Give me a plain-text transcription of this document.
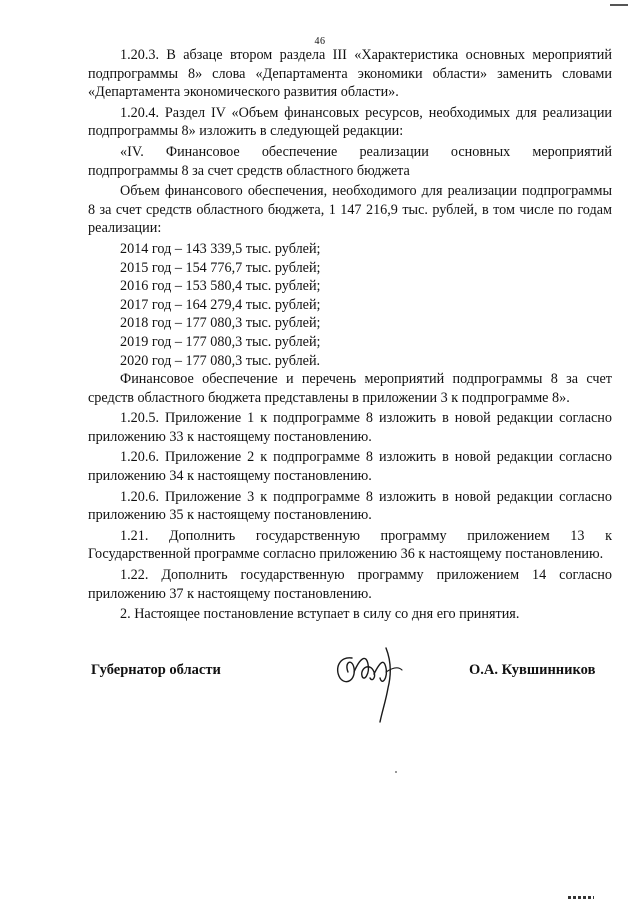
46

1.20.3. В абзаце втором раздела III «Характеристика основных мероприятий подпрограммы 8» слова «Департамента экономики области» заменить словами «Департамента экономического развития области».

1.20.4. Раздел IV «Объем финансовых ресурсов, необходимых для реализации подпрограммы 8» изложить в следующей редакции:

«IV. Финансовое обеспечение реализации основных мероприятий подпрограммы 8 за счет средств областного бюджета

Объем финансового обеспечения, необходимого для реализации подпрограммы 8 за счет средств областного бюджета, 1 147 216,9 тыс. рублей, в том числе по годам реализации:

2014 год – 143 339,5 тыс. рублей;

2015 год – 154 776,7 тыс. рублей;

2016 год – 153 580,4 тыс. рублей;

2017 год – 164 279,4 тыс. рублей;

2018 год – 177 080,3 тыс. рублей;

2019 год – 177 080,3 тыс. рублей;

2020 год – 177 080,3 тыс. рублей.

Финансовое обеспечение и перечень мероприятий подпрограммы 8 за счет средств областного бюджета представлены в приложении 3 к подпрограмме 8».

1.20.5. Приложение 1 к подпрограмме 8 изложить в новой редакции согласно приложению 33 к настоящему постановлению.

1.20.6. Приложение 2 к подпрограмме 8 изложить в новой редакции согласно приложению 34 к настоящему постановлению.

1.20.6. Приложение 3 к подпрограмме 8 изложить в новой редакции согласно приложению 35 к настоящему постановлению.

1.21. Дополнить государственную программу приложением 13 к Государственной программе согласно приложению 36 к настоящему постановлению.

1.22. Дополнить государственную программу приложением 14 согласно приложению 37 к настоящему постановлению.

2. Настоящее постановление вступает в силу со дня его принятия.

Губернатор области	О.А. Кувшинников
